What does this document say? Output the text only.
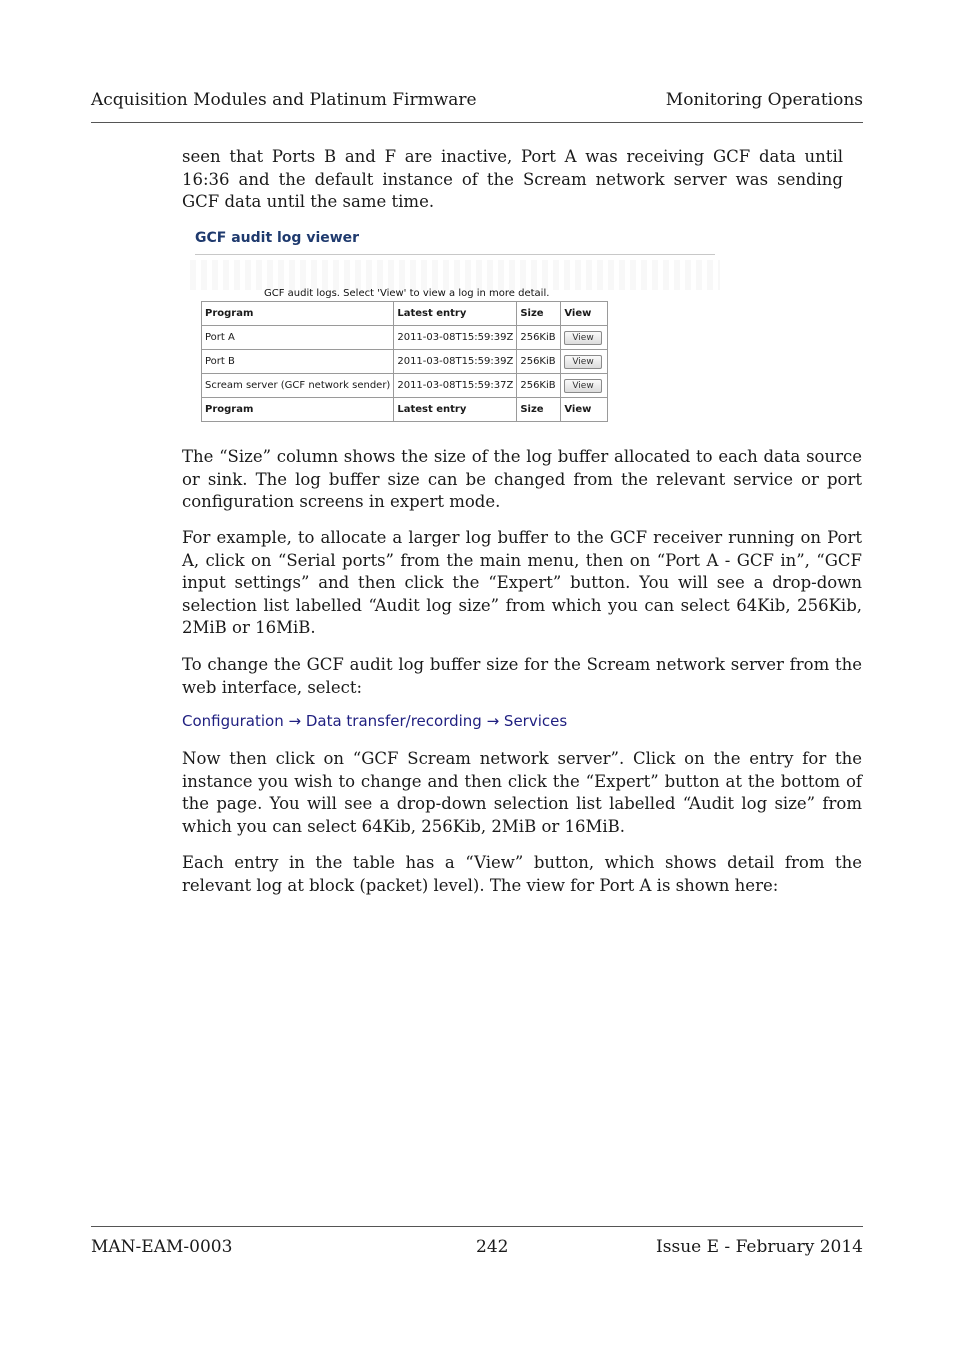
Acquisition Modules and Platinum Firmware	Monitoring Operations

seen that Ports B and F are inactive, Port A was receiving GCF data until 16:36 and the default instance of the Scream network server was sending GCF data until the same time.

GCF audit log viewer
GCF audit logs. Select 'View' to view a log in more detail.
Program	Latest entry	Size	View
Port A	2011-03-08T15:59:39Z	256KiB	View
Port B	2011-03-08T15:59:39Z	256KiB	View
Scream server (GCF network sender)	2011-03-08T15:59:37Z	256KiB	View
Program	Latest entry	Size	View

The “Size” column shows the size of the log buffer allocated to each data source or sink. The log buffer size can be changed from the relevant service or port configuration screens in expert mode.

For example, to allocate a larger log buffer to the GCF receiver running on Port A, click on “Serial ports” from the main menu, then on “Port A - GCF in”, “GCF input settings” and then click the “Expert” button. You will see a drop-down selection list labelled “Audit log size” from which you can select 64Kib, 256Kib, 2MiB or 16MiB.

To change the GCF audit log buffer size for the Scream network server from the web interface, select:

Configuration → Data transfer/recording → Services

Now then click on “GCF Scream network server”. Click on the entry for the instance you wish to change and then click the “Expert” button at the bottom of the page. You will see a drop-down selection list labelled “Audit log size” from which you can select 64Kib, 256Kib, 2MiB or 16MiB.

Each entry in the table has a “View” button, which shows detail from the relevant log at block (packet) level). The view for Port A is shown here:

MAN-EAM-0003	242	Issue E - February 2014
